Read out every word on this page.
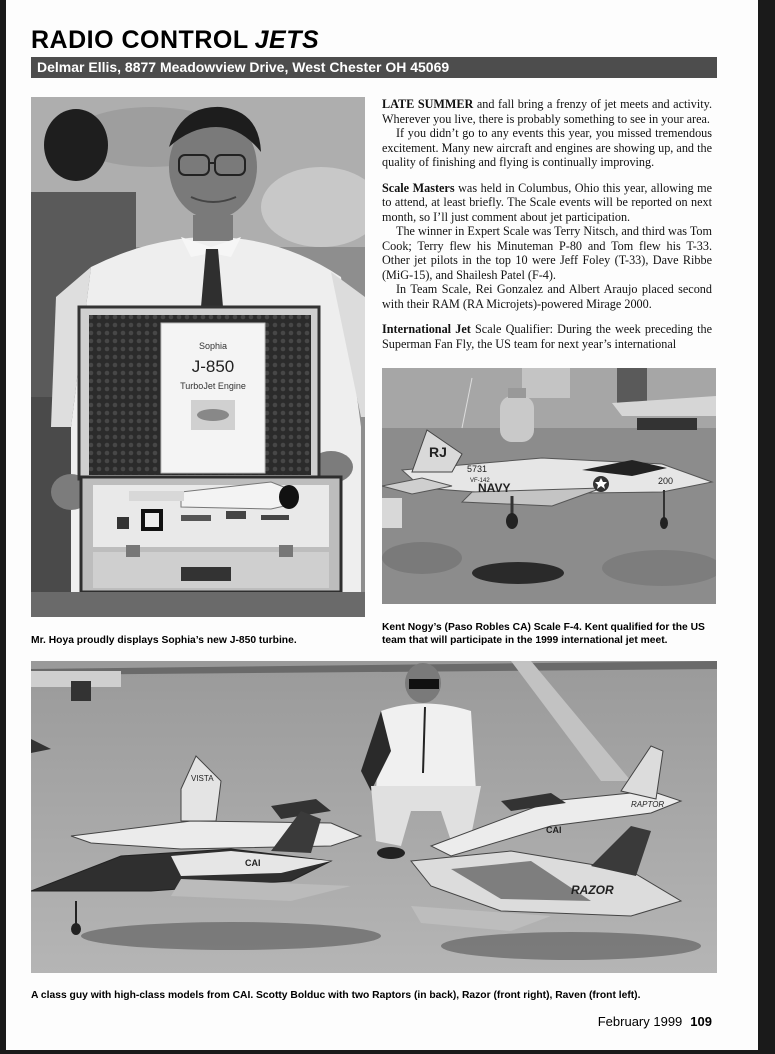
RADIO CONTROL JETS
Delmar Ellis, 8877 Meadowview Drive, West Chester OH 45069
Sophia
J-850
TurboJet Engine
Mr. Hoya proudly displays Sophia’s new J-850 turbine.

LATE SUMMER and fall bring a frenzy of jet meets and activity. Wherever you live, there is probably something to see in your area.

If you didn’t go to any events this year, you missed tremendous excitement. Many new aircraft and engines are showing up, and the quality of finishing and flying is continually improving.

Scale Masters was held in Columbus, Ohio this year, allowing me to attend, at least briefly. The Scale events will be reported on next month, so I’ll just comment about jet participation.

The winner in Expert Scale was Terry Nitsch, and third was Tom Cook; Terry flew his Minuteman P-80 and Tom flew his T-33. Other jet pilots in the top 10 were Jeff Foley (T-33), Dave Ribbe (MiG-15), and Shailesh Patel (F-4).

In Team Scale, Rei Gonzalez and Albert Araujo placed second with their RAM (RA Microjets)-powered Mirage 2000.

International Jet Scale Qualifier: During the week preceding the Superman Fan Fly, the US team for next year’s international

RJ
5731
VF-142
NAVY	200
Kent Nogy’s (Paso Robles CA) Scale F-4. Kent qualified for the US team that will participate in the 1999 international jet meet.
VISTA
RAPTOR
CAI
CAI
RAZOR
A class guy with high-class models from CAI. Scotty Bolduc with two Raptors (in back), Razor (front right), Raven (front left).
February 1999 109
